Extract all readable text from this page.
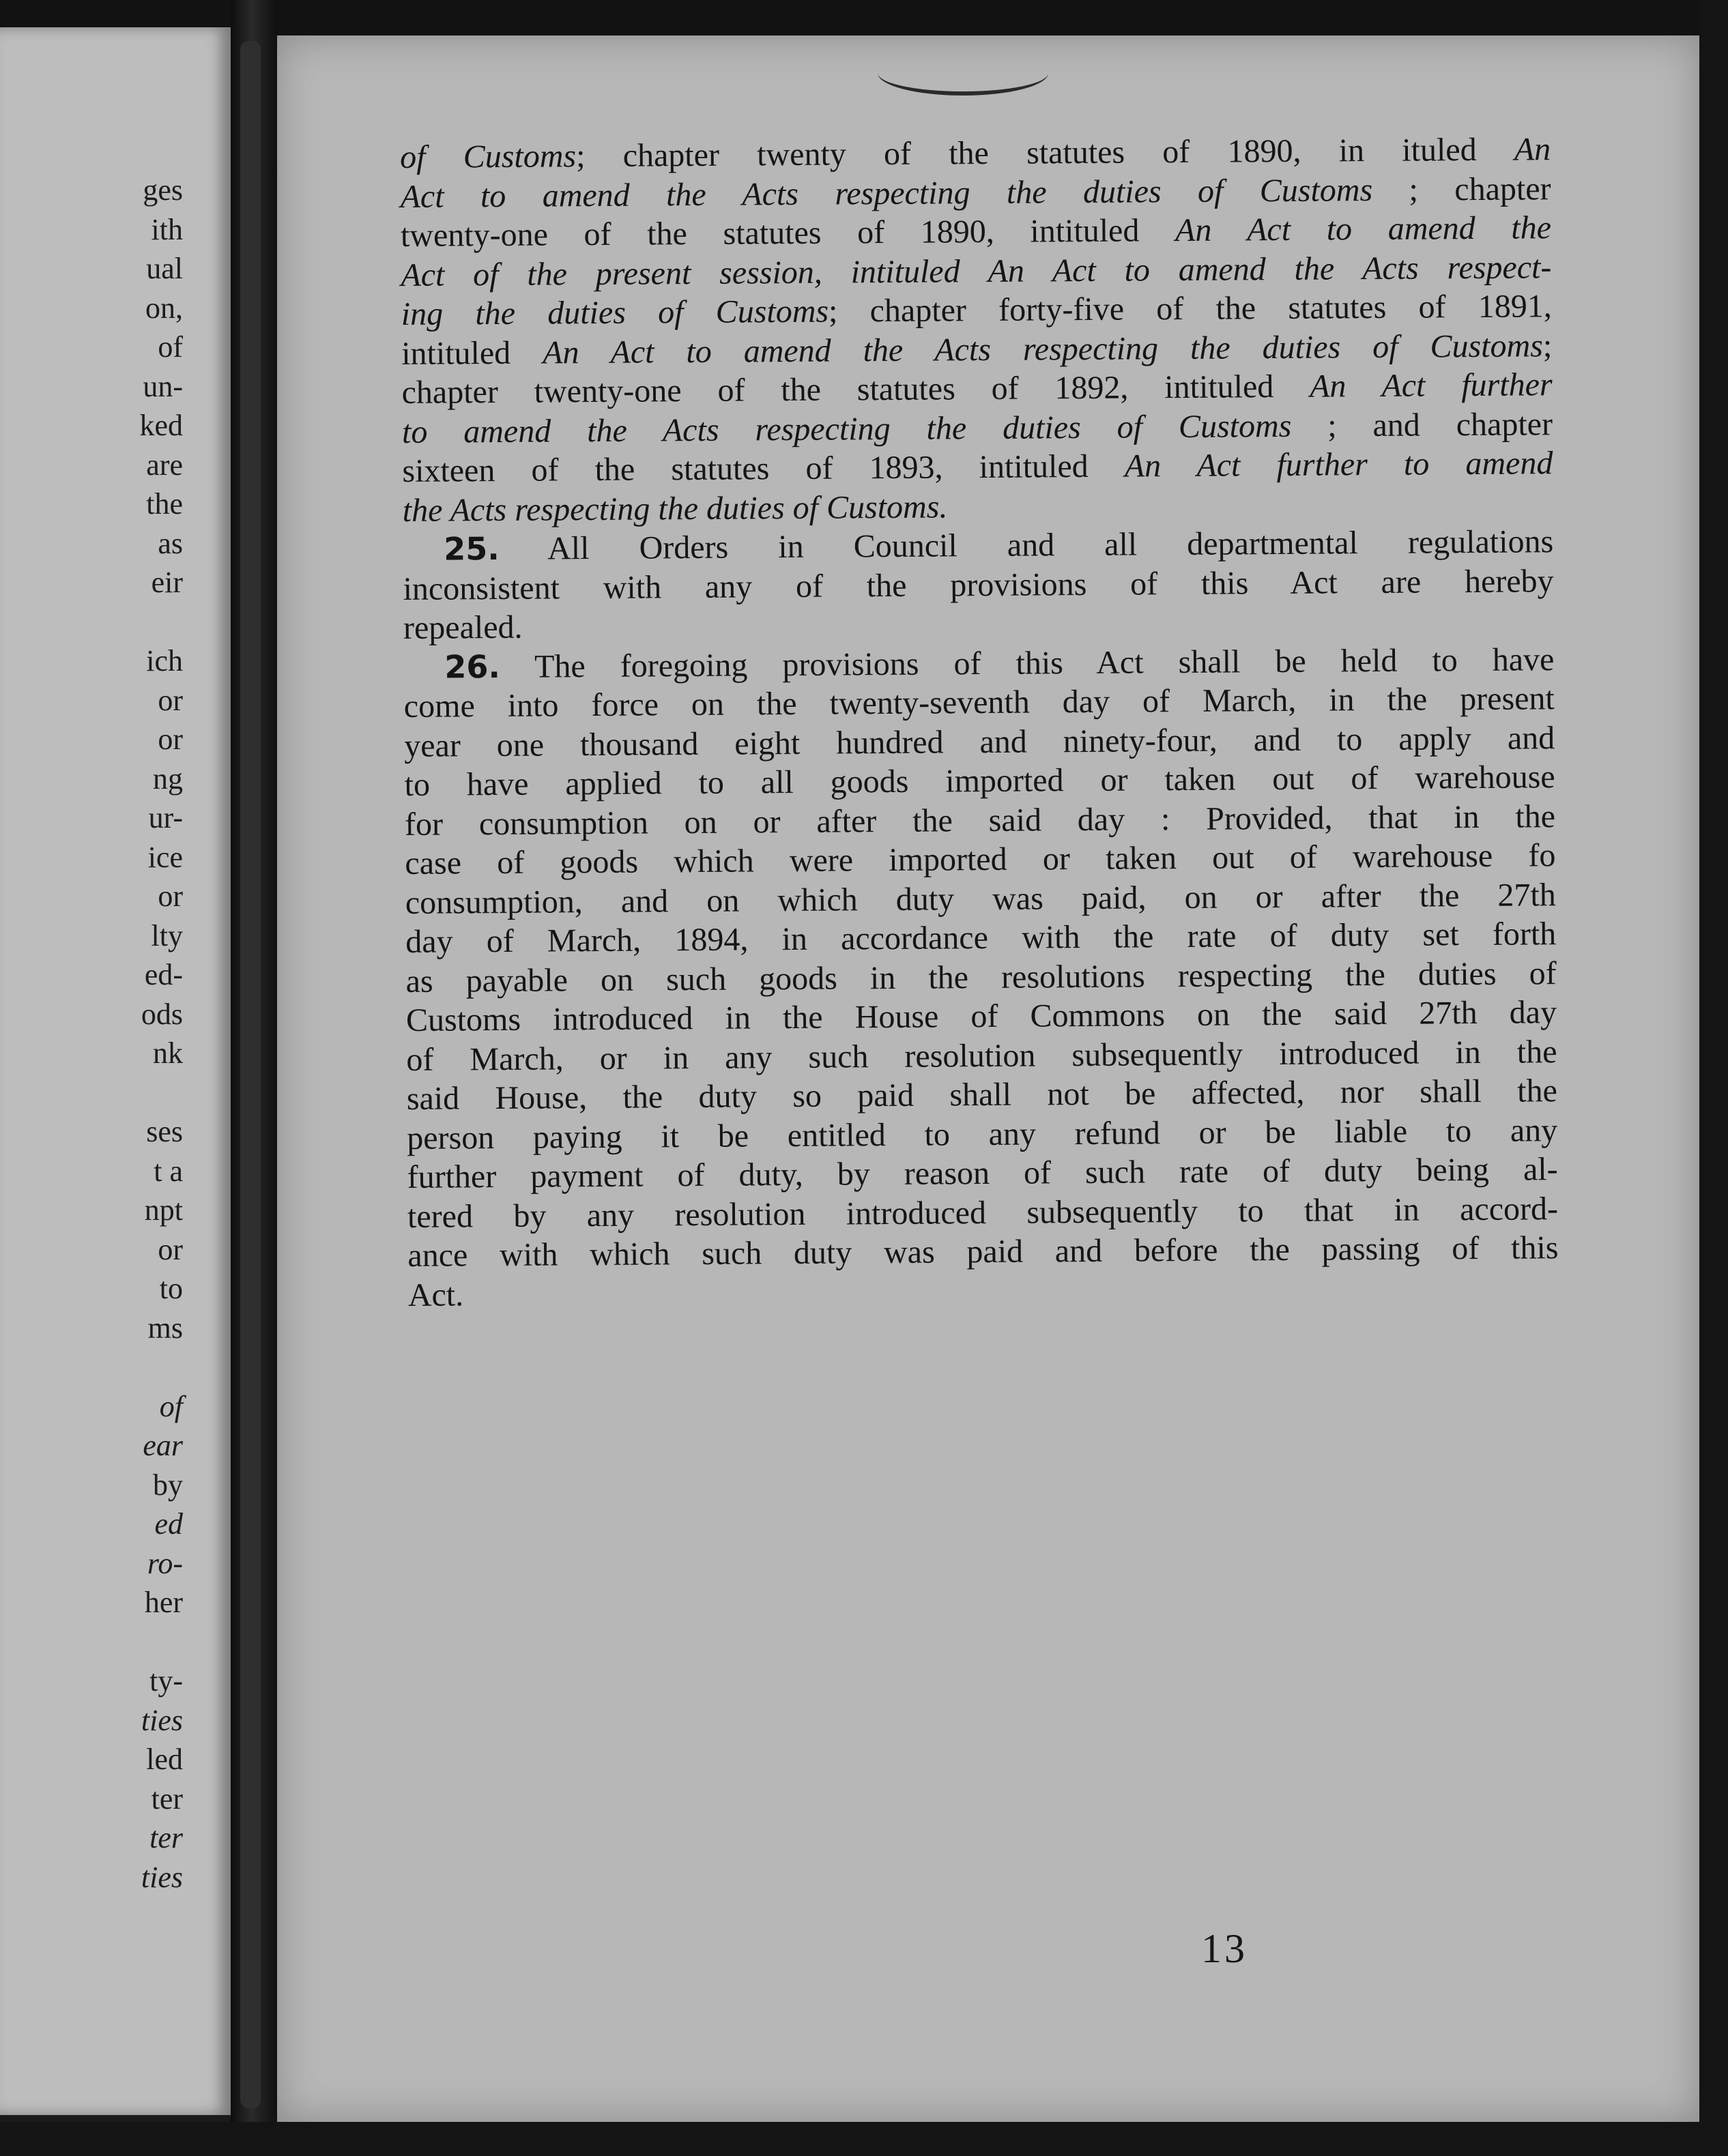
ges
ith
ual
on,
of
un-
ked
are
the
as
eir
ich
or
or
ng
ur-
ice
or
lty
ed-
ods
nk
ses
t a
npt
or
to
ms
of
ear
by
ed
ro-
her
ty-
ties
led
ter
ter
ties
of Customs; chapter twenty of the statutes of 1890, in ituled An
Act to amend the Acts respecting the duties of Customs ; chapter
twenty-one of the statutes of 1890, intituled An Act to amend the
Act of the present session, intituled An Act to amend the Acts respect-
ing the duties of Customs; chapter forty-five of the statutes of 1891,
intituled An Act to amend the Acts respecting the duties of Customs;
chapter twenty-one of the statutes of 1892, intituled An Act further
to amend the Acts respecting the duties of Customs ; and chapter
sixteen of the statutes of 1893, intituled An Act further to amend
the Acts respecting the duties of Customs.
25. All Orders in Council and all departmental regulations
inconsistent with any of the provisions of this Act are hereby
repealed.
26. The foregoing provisions of this Act shall be held to have
come into force on the twenty-seventh day of March, in the present
year one thousand eight hundred and ninety-four, and to apply and
to have applied to all goods imported or taken out of warehouse
for consumption on or after the said day : Provided, that in the
case of goods which were imported or taken out of warehouse fo
consumption, and on which duty was paid, on or after the 27th
day of March, 1894, in accordance with the rate of duty set forth
as payable on such goods in the resolutions respecting the duties of
Customs introduced in the House of Commons on the said 27th day
of March, or in any such resolution subsequently introduced in the
said House, the duty so paid shall not be affected, nor shall the
person paying it be entitled to any refund or be liable to any
further payment of duty, by reason of such rate of duty being al-
tered by any resolution introduced subsequently to that in accord-
ance with which such duty was paid and before the passing of this
Act.
13
